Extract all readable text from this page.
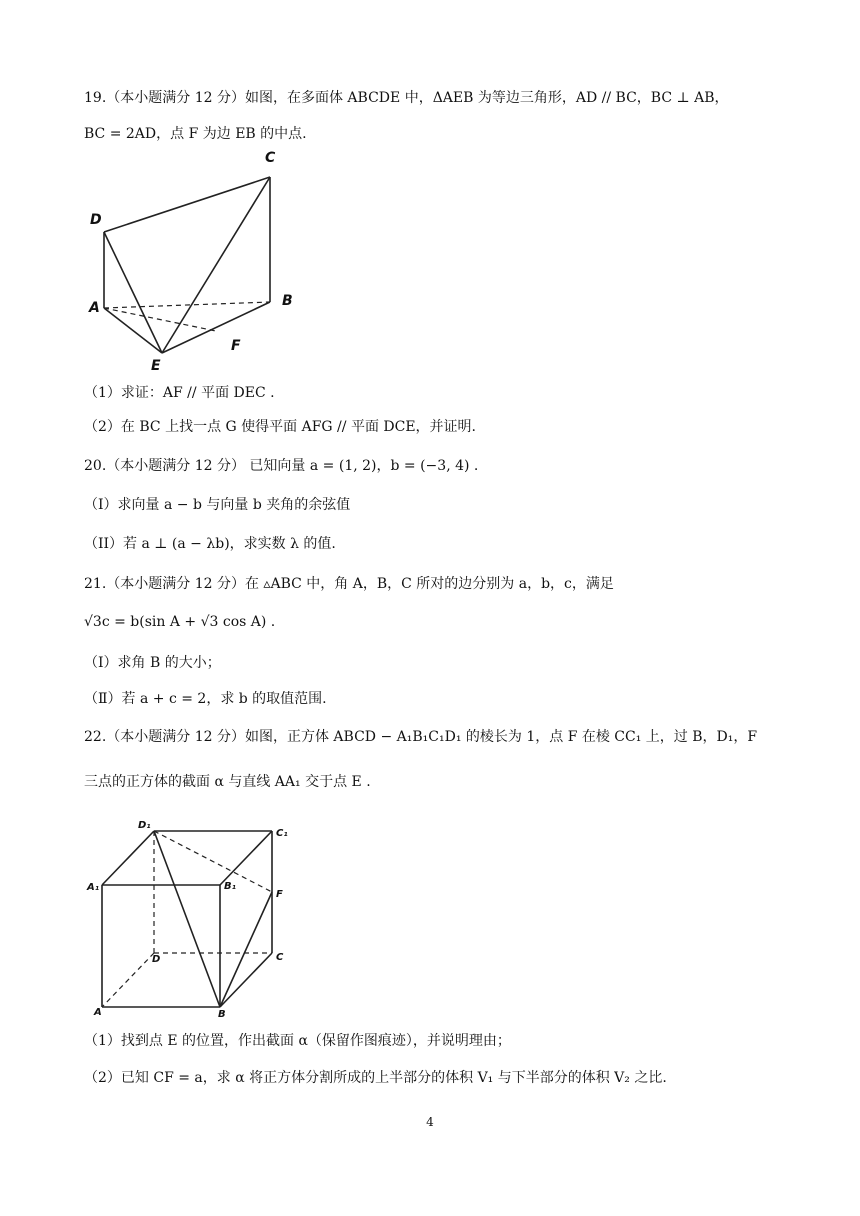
19.（本小题满分 12 分）如图，在多面体 ABCDE 中，ΔAEB 为等边三角形，AD // BC，BC ⊥ AB，
BC = 2AD，点 F 为边 EB 的中点.
C
D
A	B
E
F
（1）求证：AF // 平面 DEC .
（2）在 BC 上找一点 G 使得平面 AFG // 平面 DCE，并证明.
20.（本小题满分 12 分） 已知向量 a = (1, 2)，b = (−3, 4) .
（I）求向量 a − b 与向量 b 夹角的余弦值
（II）若 a ⊥ (a − λb)，求实数 λ 的值.
21.（本小题满分 12 分）在 ▵ABC 中，角 A，B，C 所对的边分别为 a，b，c，满足
√3c = b(sin A + √3 cos A) .
（Ⅰ）求角 B 的大小；
（Ⅱ）若 a + c = 2，求 b 的取值范围.
22.（本小题满分 12 分）如图，正方体 ABCD − A₁B₁C₁D₁ 的棱长为 1，点 F 在棱 CC₁ 上，过 B，D₁，F
三点的正方体的截面 α 与直线 AA₁ 交于点 E .
D₁
C₁
A₁	B₁
F
D	C
A	B
（1）找到点 E 的位置，作出截面 α（保留作图痕迹），并说明理由；
（2）已知 CF = a，求 α 将正方体分割所成的上半部分的体积 V₁ 与下半部分的体积 V₂ 之比.
4
